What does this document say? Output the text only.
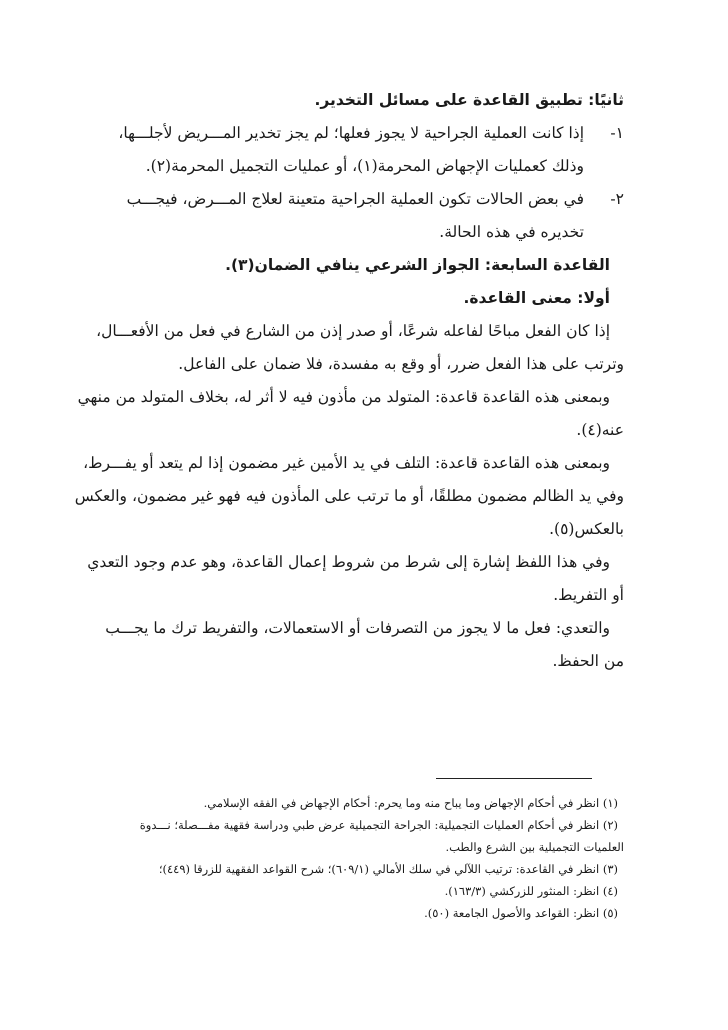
ثانيًا: تطبيق القاعدة على مسائل التخدير.
١-إذا كانت العملية الجراحية لا يجوز فعلها؛ لم يجز تخدير المـــريض لأجلـــها،
وذلك كعمليات الإجهاض المحرمة(١)، أو عمليات التجميل المحرمة(٢).
٢-في بعض الحالات تكون العملية الجراحية متعينة لعلاج المـــرض، فيجـــب
تخديره في هذه الحالة.
القاعدة السابعة: الجواز الشرعي ينافي الضمان(٣).
أولا: معنى القاعدة.
إذا كان الفعل مباحًا لفاعله شرعًا، أو صدر إذن من الشارع في فعل من الأفعـــال،
وترتب على هذا الفعل ضرر، أو وقع به مفسدة، فلا ضمان على الفاعل.
وبمعنى هذه القاعدة قاعدة: المتولد من مأذون فيه لا أثر له، بخلاف المتولد من منهي
عنه(٤).
وبمعنى هذه القاعدة قاعدة: التلف في يد الأمين غير مضمون إذا لم يتعد أو يفـــرط،
وفي يد الظالم مضمون مطلقًا، أو ما ترتب على المأذون فيه فهو غير مضمون، والعكس
بالعكس(٥).
وفي هذا اللفظ إشارة إلى شرط من شروط إعمال القاعدة، وهو عدم وجود التعدي
أو التفريط.
والتعدي: فعل ما لا يجوز من التصرفات أو الاستعمالات، والتفريط ترك ما يجـــب
من الحفظ.
(١) انظر في أحكام الإجهاض وما يباح منه وما يحرم: أحكام الإجهاض في الفقه الإسلامي.
(٢) انظر في أحكام العمليات التجميلية: الجراحة التجميلية عرض طبي ودراسة فقهية مفـــصلة؛ نـــدوة
العلميات التجميلية بين الشرع والطب.
(٣) انظر في القاعدة: ترتيب اللآلي في سلك الأمالي (٦٠٩/١)؛ شرح القواعد الفقهية للزرقا (٤٤٩)؛
(٤) انظر: المنثور للزركشي (١٦٣/٣).
(٥) انظر: القواعد والأصول الجامعة (٥٠).
